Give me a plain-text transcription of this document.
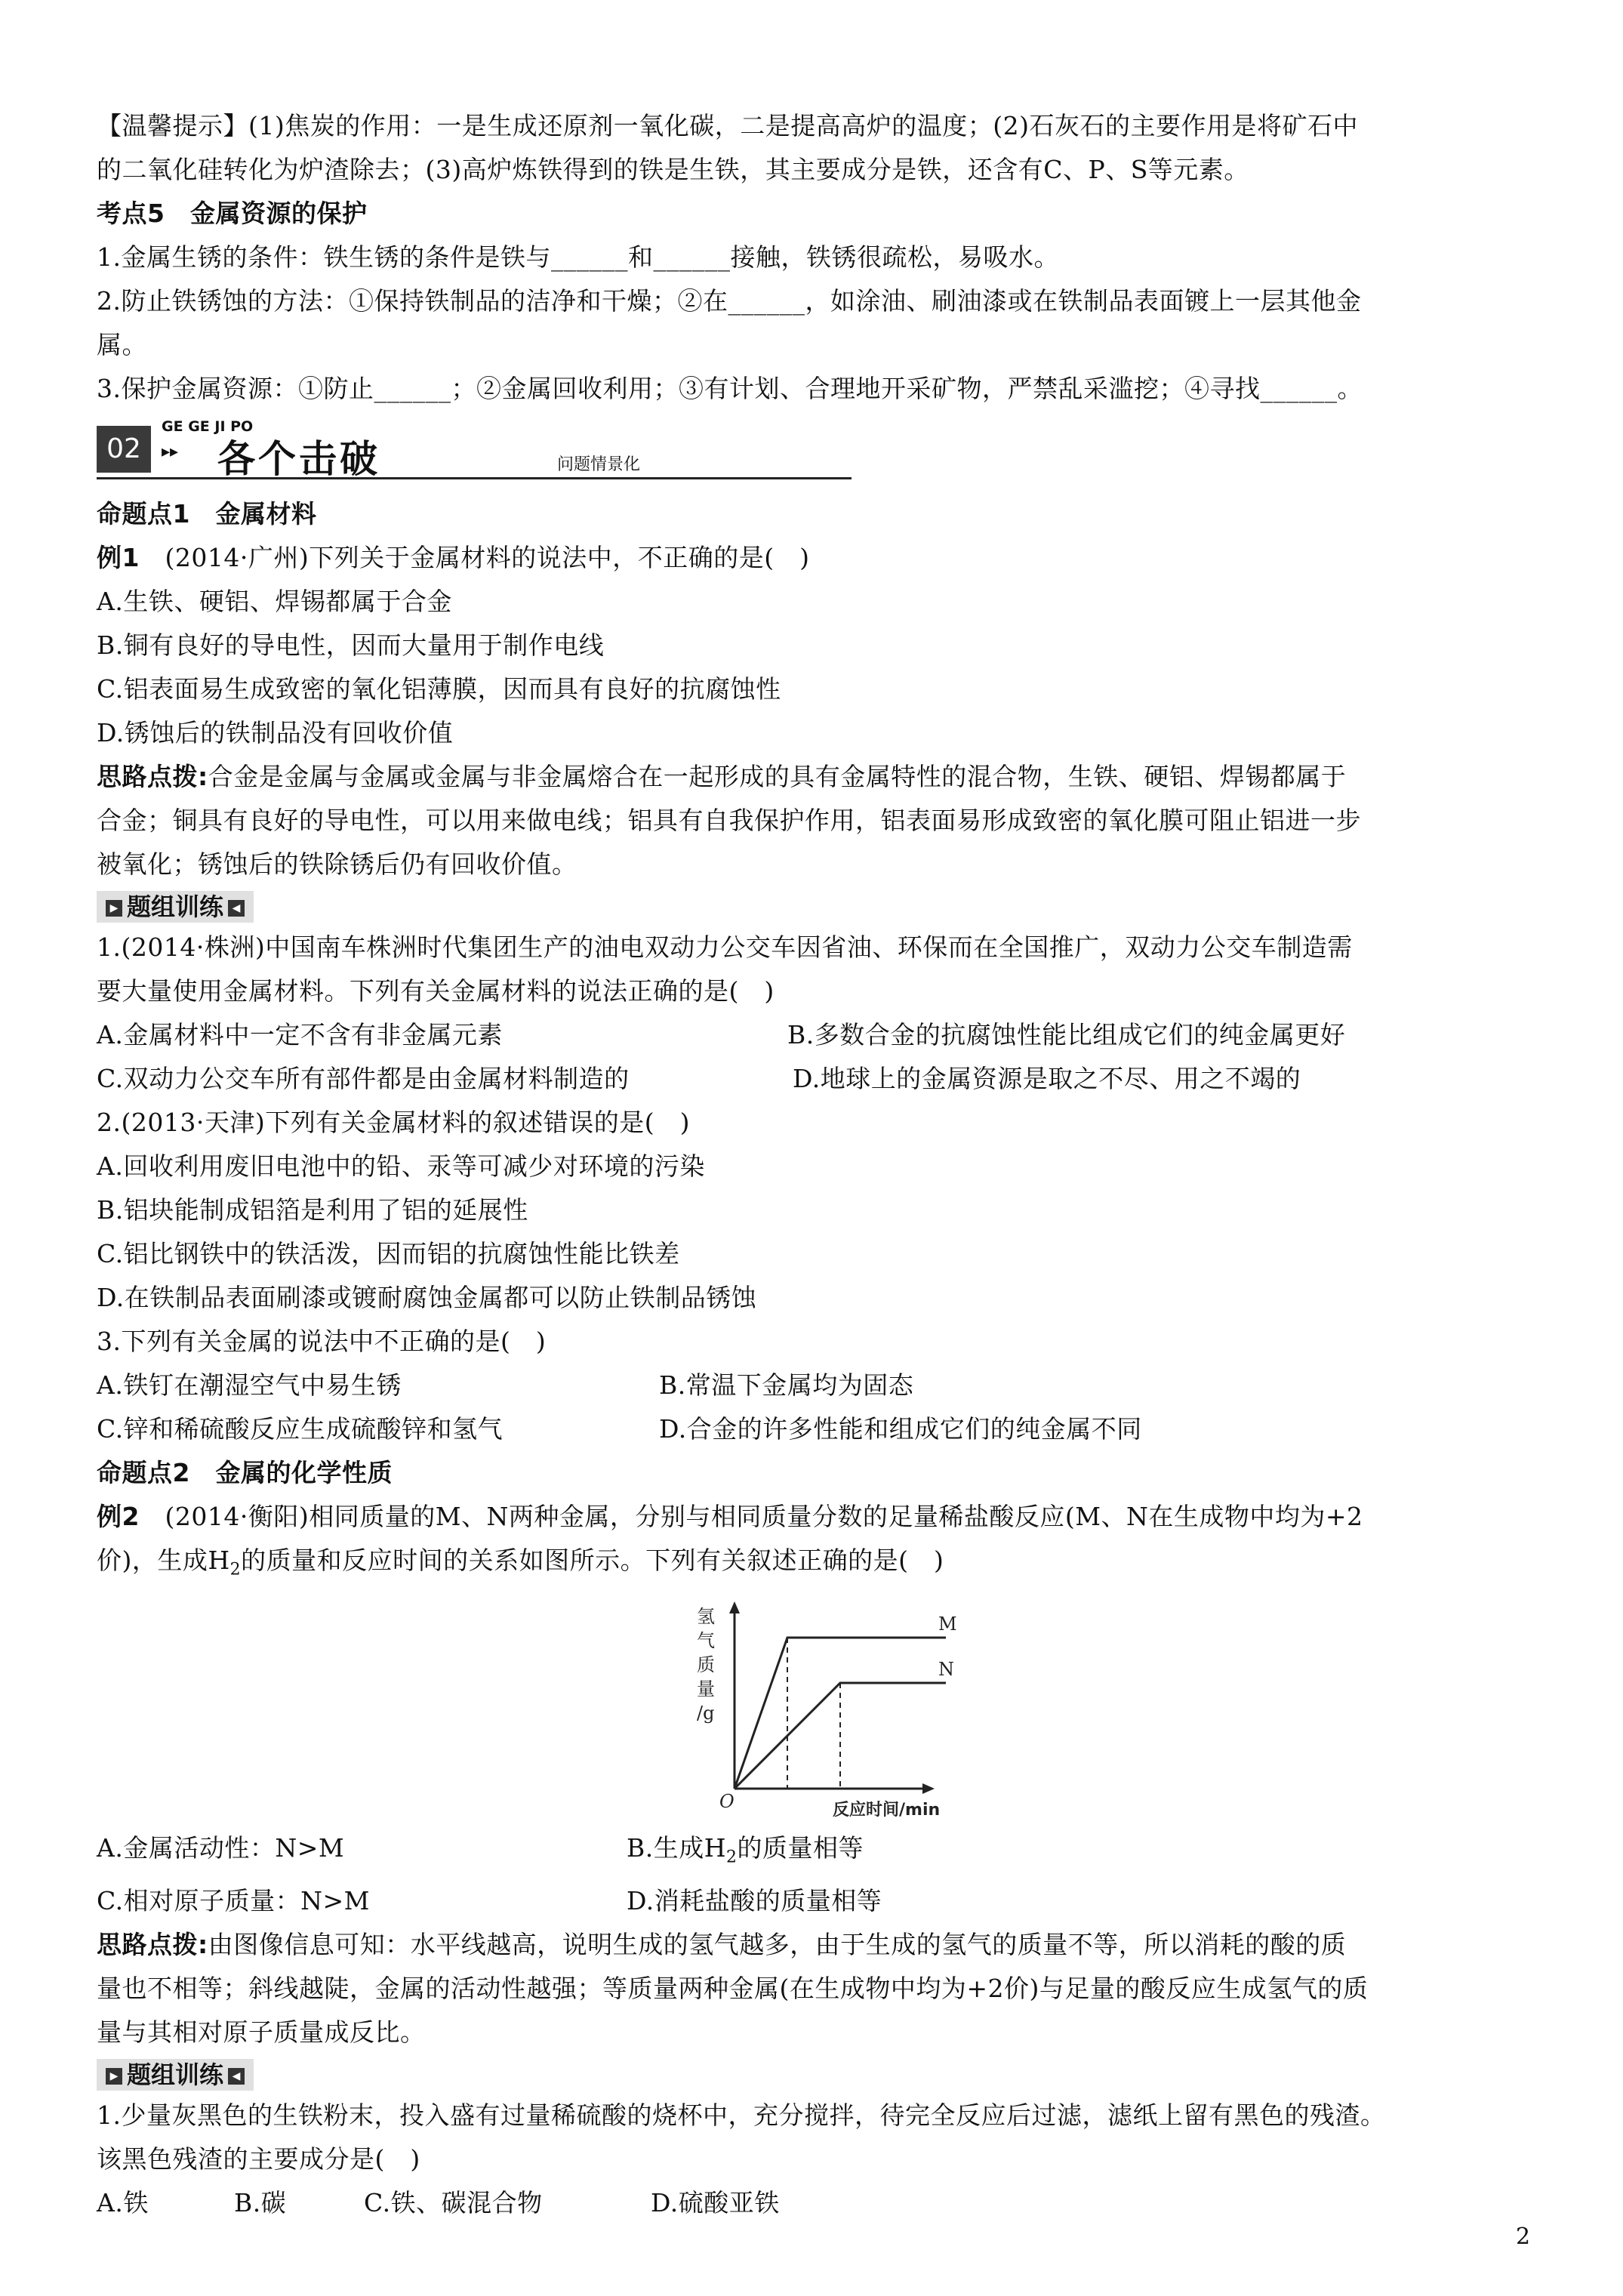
【温馨提示】(1)焦炭的作用：一是生成还原剂一氧化碳，二是提高高炉的温度；(2)石灰石的主要作用是将矿石中
的二氧化硅转化为炉渣除去；(3)高炉炼铁得到的铁是生铁，其主要成分是铁，还含有C、P、S等元素。
考点5　金属资源的保护
1.金属生锈的条件：铁生锈的条件是铁与______和______接触，铁锈很疏松，易吸水。
2.防止铁锈蚀的方法：①保持铁制品的洁净和干燥；②在______，如涂油、刷油漆或在铁制品表面镀上一层其他金
属。
3.保护金属资源：①防止______；②金属回收利用；③有计划、合理地开采矿物，严禁乱采滥挖；④寻找______。
02
GE GE JI PO
▸▸ 各个击破	问题情景化
命题点1　金属材料
例1　(2014·广州)下列关于金属材料的说法中，不正确的是(　)
A.生铁、硬铝、焊锡都属于合金
B.铜有良好的导电性，因而大量用于制作电线
C.铝表面易生成致密的氧化铝薄膜，因而具有良好的抗腐蚀性
D.锈蚀后的铁制品没有回收价值
思路点拨:合金是金属与金属或金属与非金属熔合在一起形成的具有金属特性的混合物，生铁、硬铝、焊锡都属于
合金；铜具有良好的导电性，可以用来做电线；铝具有自我保护作用，铝表面易形成致密的氧化膜可阻止铝进一步
被氧化；锈蚀后的铁除锈后仍有回收价值。
▶ 题组训练 ◀
1.(2014·株洲)中国南车株洲时代集团生产的油电双动力公交车因省油、环保而在全国推广，双动力公交车制造需
要大量使用金属材料。下列有关金属材料的说法正确的是(　)
A.金属材料中一定不含有非金属元素	B.多数合金的抗腐蚀性能比组成它们的纯金属更好
C.双动力公交车所有部件都是由金属材料制造的	D.地球上的金属资源是取之不尽、用之不竭的
2.(2013·天津)下列有关金属材料的叙述错误的是(　)
A.回收利用废旧电池中的铅、汞等可减少对环境的污染
B.铝块能制成铝箔是利用了铝的延展性
C.铝比钢铁中的铁活泼，因而铝的抗腐蚀性能比铁差
D.在铁制品表面刷漆或镀耐腐蚀金属都可以防止铁制品锈蚀
3.下列有关金属的说法中不正确的是(　)
A.铁钉在潮湿空气中易生锈	B.常温下金属均为固态
C.锌和稀硫酸反应生成硫酸锌和氢气	D.合金的许多性能和组成它们的纯金属不同
命题点2　金属的化学性质
例2　(2014·衡阳)相同质量的M、N两种金属，分别与相同质量分数的足量稀盐酸反应(M、N在生成物中均为+2
价)，生成$H_2$的质量和反应时间的关系如图所示。下列有关叙述正确的是(　)
氢
气
质
量
/g
O	反应时间/min
M
N
A.金属活动性：N>M	B.生成$H_2$的质量相等
C.相对原子质量：N>M	D.消耗盐酸的质量相等
思路点拨:由图像信息可知：水平线越高，说明生成的氢气越多，由于生成的氢气的质量不等，所以消耗的酸的质
量也不相等；斜线越陡，金属的活动性越强；等质量两种金属(在生成物中均为+2价)与足量的酸反应生成氢气的质
量与其相对原子质量成反比。
▶ 题组训练 ◀
1.少量灰黑色的生铁粉末，投入盛有过量稀硫酸的烧杯中，充分搅拌，待完全反应后过滤，滤纸上留有黑色的残渣。
该黑色残渣的主要成分是(　)
A.铁	B.碳	C.铁、碳混合物	D.硫酸亚铁
2
